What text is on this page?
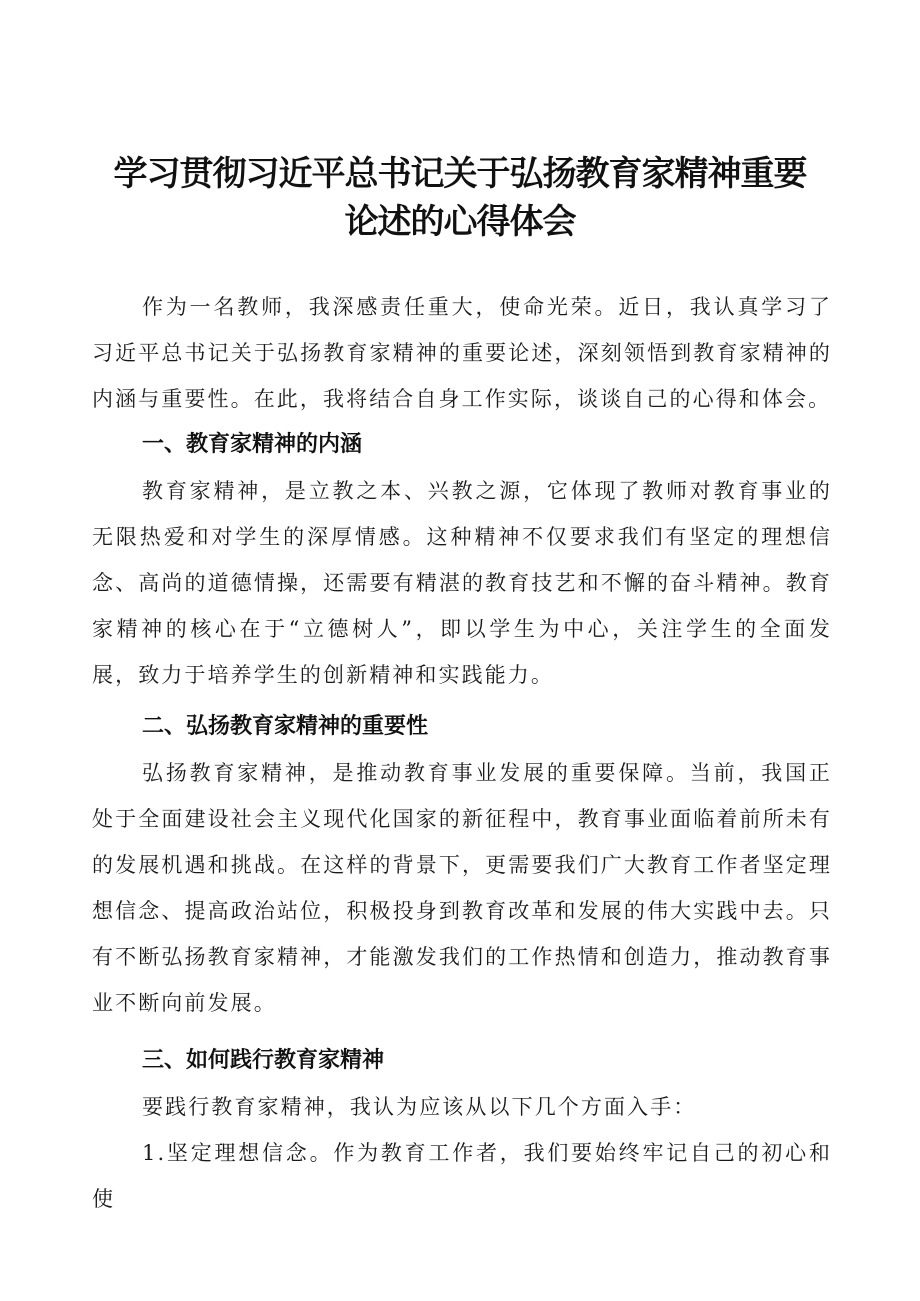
学习贯彻习近平总书记关于弘扬教育家精神重要
论述的心得体会

作为一名教师，我深感责任重大，使命光荣。近日，我认真学习了习近平总书记关于弘扬教育家精神的重要论述，深刻领悟到教育家精神的内涵与重要性。在此，我将结合自身工作实际，谈谈自己的心得和体会。

一、教育家精神的内涵

教育家精神，是立教之本、兴教之源，它体现了教师对教育事业的无限热爱和对学生的深厚情感。这种精神不仅要求我们有坚定的理想信念、高尚的道德情操，还需要有精湛的教育技艺和不懈的奋斗精神。教育家精神的核心在于“立德树人”，即以学生为中心，关注学生的全面发展，致力于培养学生的创新精神和实践能力。

二、弘扬教育家精神的重要性

弘扬教育家精神，是推动教育事业发展的重要保障。当前，我国正处于全面建设社会主义现代化国家的新征程中，教育事业面临着前所未有的发展机遇和挑战。在这样的背景下，更需要我们广大教育工作者坚定理想信念、提高政治站位，积极投身到教育改革和发展的伟大实践中去。只有不断弘扬教育家精神，才能激发我们的工作热情和创造力，推动教育事业不断向前发展。

三、如何践行教育家精神

要践行教育家精神，我认为应该从以下几个方面入手：

1.坚定理想信念。作为教育工作者，我们要始终牢记自己的初心和使
